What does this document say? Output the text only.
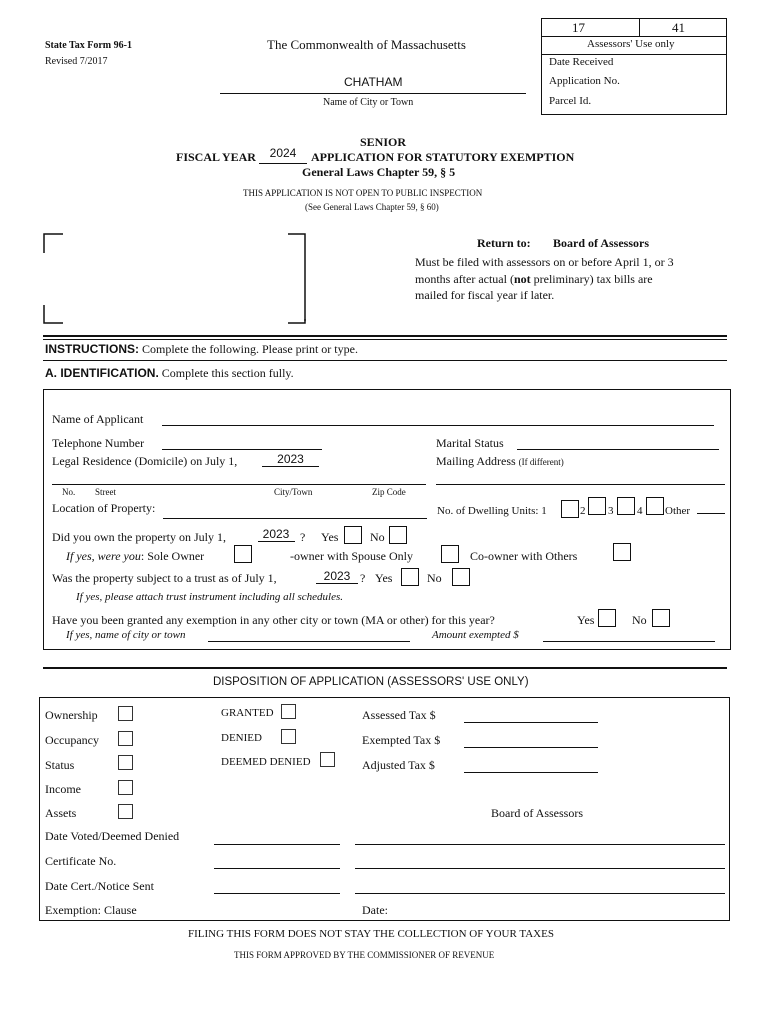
State Tax Form 96-1
Revised 7/2017
The Commonwealth of Massachusetts
CHATHAM
Name of City or Town
17	41
Assessors' Use only
Date Received
Application No.
Parcel Id.
SENIOR
FISCAL YEAR	2024	APPLICATION FOR STATUTORY EXEMPTION
General Laws Chapter 59, § 5
THIS APPLICATION IS NOT OPEN TO PUBLIC INSPECTION
(See General Laws Chapter 59, § 60)
Return to: Board of Assessors
Must be filed with assessors on or before April 1, or 3
months after actual (not preliminary) tax bills are
mailed for fiscal year if later.
INSTRUCTIONS: Complete the following. Please print or type.
A. IDENTIFICATION. Complete this section fully.
Name of Applicant
Telephone Number	Marital Status
Legal Residence (Domicile) on July 1,	2023	Mailing Address (If different)
No. Street	City/Town	Zip Code
Location of Property:	No. of Dwelling Units: 1	2 3 4 Other
Did you own the property on July 1,	2023 ? Yes	No
If yes, were you: Sole Owner	-owner with Spouse Only	Co-owner with Others
Was the property subject to a trust as of July 1,	2023 ? Yes	No
If yes, please attach trust instrument including all schedules.
Have you been granted any exemption in any other city or town (MA or other) for this year?	Yes	No
If yes, name of city or town	Amount exempted $
DISPOSITION OF APPLICATION (ASSESSORS' USE ONLY)
Ownership
Occupancy
Status
Income
Assets
GRANTED
DENIED
DEEMED DENIED
Assessed Tax $
Exempted Tax $
Adjusted Tax $
Board of Assessors
Date Voted/Deemed Denied
Certificate No.
Date Cert./Notice Sent
Exemption: Clause	Date:
FILING THIS FORM DOES NOT STAY THE COLLECTION OF YOUR TAXES
THIS FORM APPROVED BY THE COMMISSIONER OF REVENUE
